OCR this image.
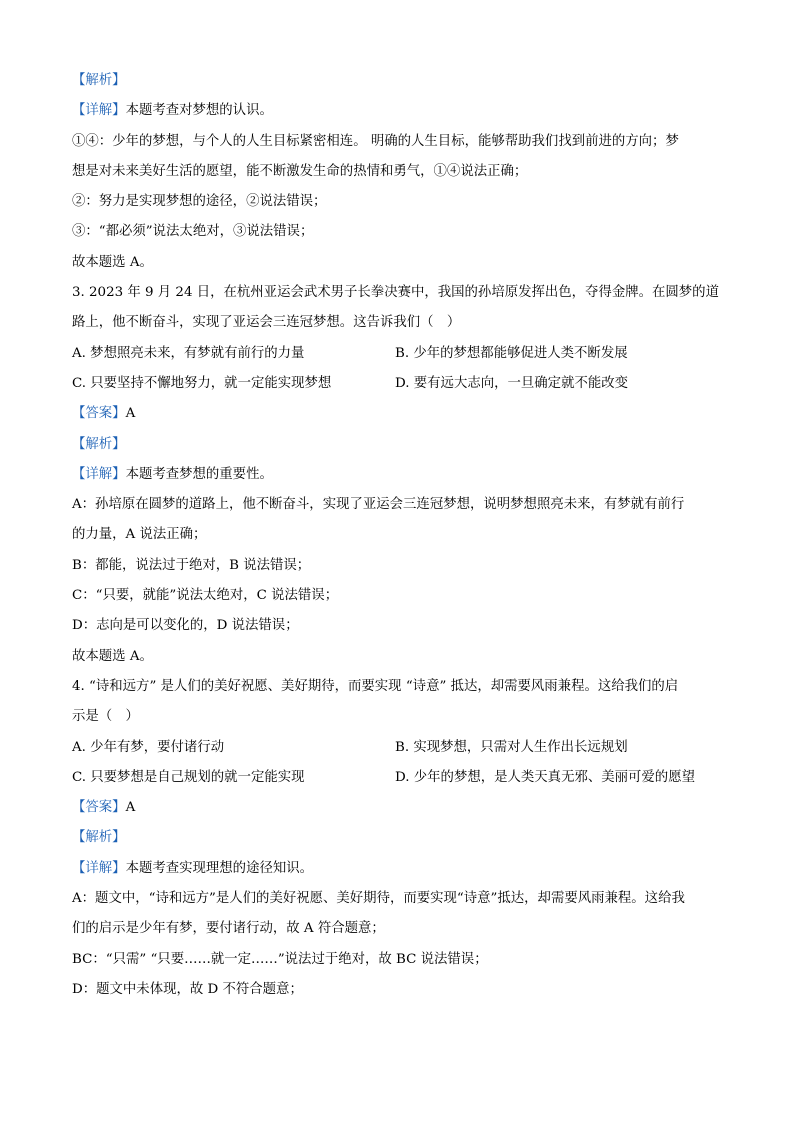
【解析】
【详解】本题考查对梦想的认识。
①④：少年的梦想，与个人的人生目标紧密相连。 明确的人生目标，能够帮助我们找到前进的方向；梦
想是对未来美好生活的愿望，能不断激发生命的热情和勇气，①④说法正确；
②：努力是实现梦想的途径，②说法错误；
③：“都必须”说法太绝对，③说法错误；
故本题选 A。
3. 2023 年 9 月 24 日，在杭州亚运会武术男子长拳决赛中，我国的孙培原发挥出色，夺得金牌。在圆梦的道
路上，他不断奋斗，实现了亚运会三连冠梦想。这告诉我们（　）
A. 梦想照亮未来，有梦就有前行的力量	B. 少年的梦想都能够促进人类不断发展
C. 只要坚持不懈地努力，就一定能实现梦想	D. 要有远大志向，一旦确定就不能改变
【答案】A
【解析】
【详解】本题考查梦想的重要性。
A：孙培原在圆梦的道路上，他不断奋斗，实现了亚运会三连冠梦想，说明梦想照亮未来，有梦就有前行
的力量，A 说法正确；
B：都能，说法过于绝对，B 说法错误；
C：“只要，就能”说法太绝对，C 说法错误；
D：志向是可以变化的，D 说法错误；
故本题选 A。
4. “诗和远方” 是人们的美好祝愿、美好期待，而要实现 “诗意” 抵达，却需要风雨兼程。这给我们的启
示是（　）
A. 少年有梦，要付诸行动	B. 实现梦想，只需对人生作出长远规划
C. 只要梦想是自己规划的就一定能实现	D. 少年的梦想，是人类天真无邪、美丽可爱的愿望
【答案】A
【解析】
【详解】本题考查实现理想的途径知识。
A：题文中，“诗和远方”是人们的美好祝愿、美好期待，而要实现“诗意”抵达，却需要风雨兼程。这给我
们的启示是少年有梦，要付诸行动，故 A 符合题意；
BC：“只需” “只要……就一定……”说法过于绝对，故 BC 说法错误；
D：题文中未体现，故 D 不符合题意；
